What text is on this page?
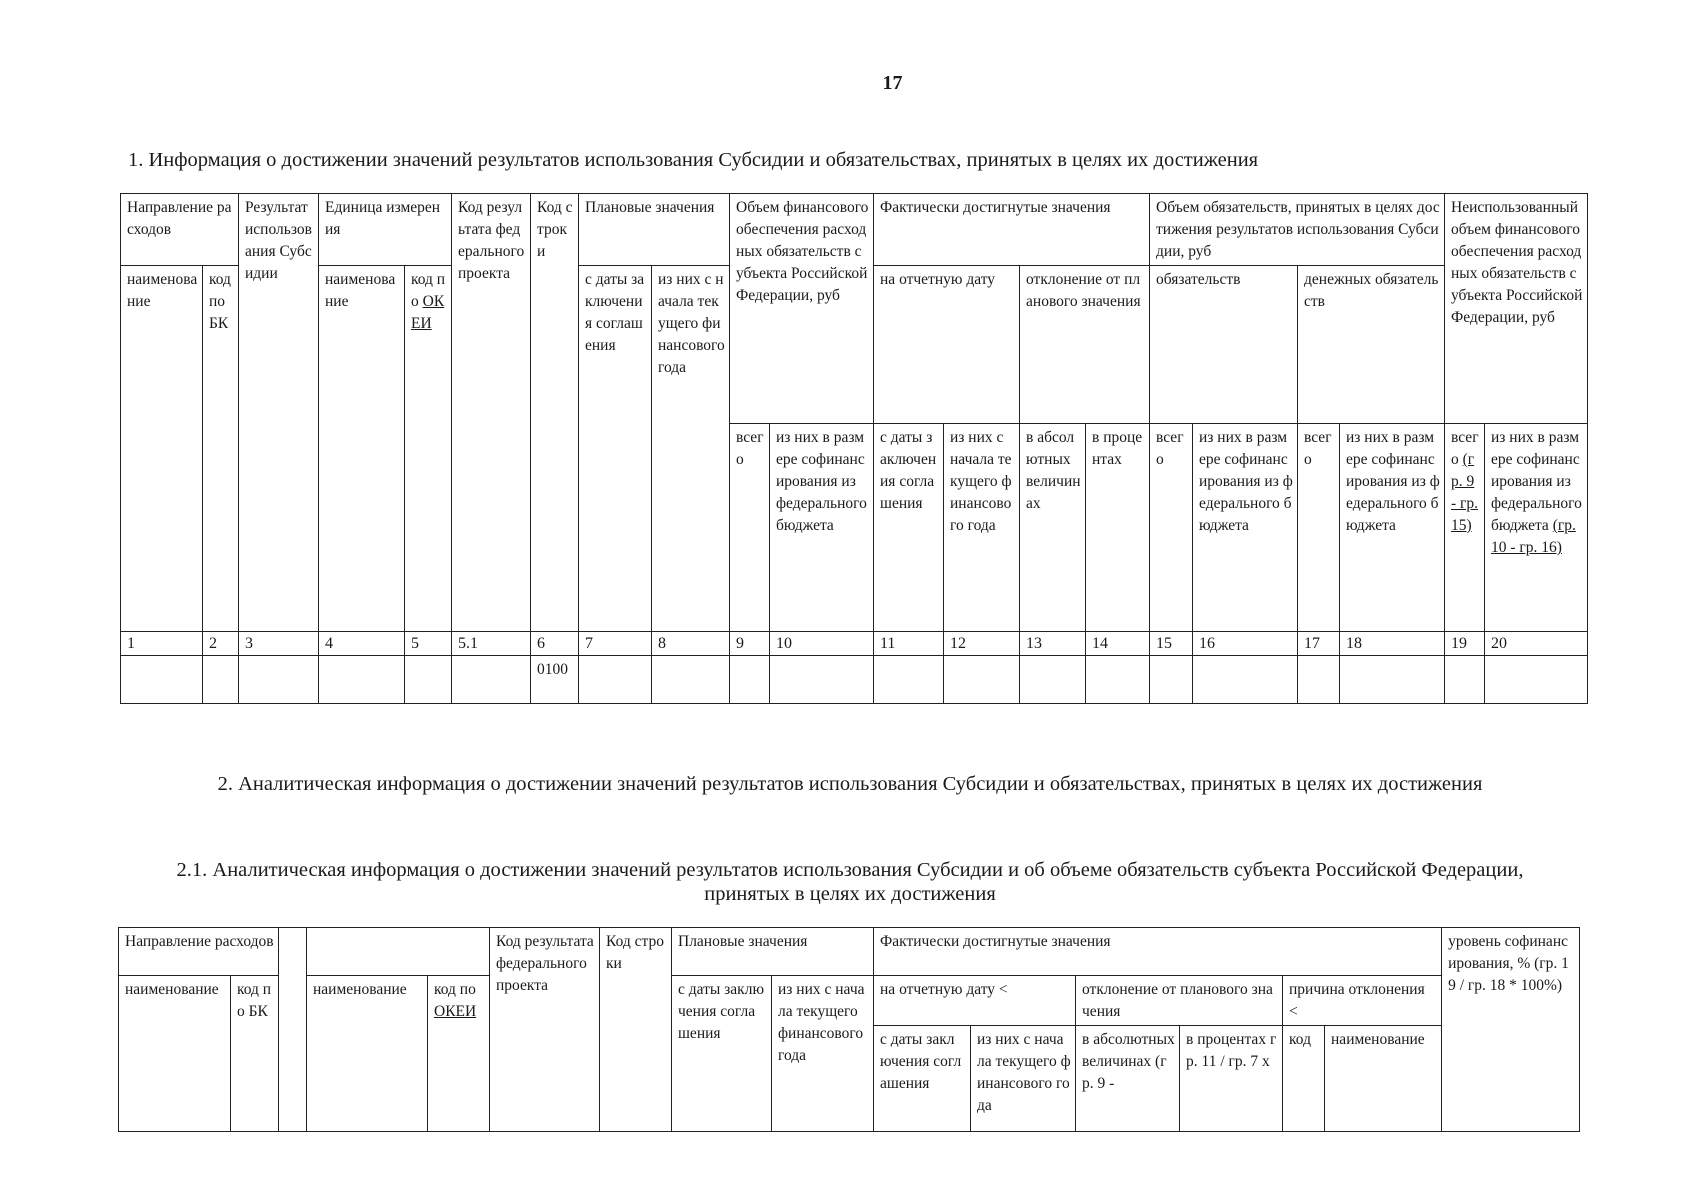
17
1. Информация о достижении значений результатов использования Субсидии и обязательствах, принятых в целях их достижения
Направление расходов		Результат использования Субсидии	Единица измерения		Код результата федерального проекта	Код строки	Плановые значения		Объем финансового обеспечения расходных обязательств субъекта Российской Федерации, руб		Фактически достигнутые значения				Объем обязательств, принятых в целях достижения результатов использования Субсидии, руб				Неиспользованный объем финансового обеспечения расходных обязательств субъекта Российской Федерации, руб	
наименование	код по БК		наименование	код по ОКЕИ			с даты заключения соглашения	из них с начала текущего финансового года			на отчетную дату		отклонение от планового значения		обязательств		денежных обязательств			
									всего	из них в размере софинансирования из федерального бюджета	с даты заключения соглашения	из них с начала текущего финансового года	в абсолютных величинах	в процентах	всего	из них в размере софинансирования из федерального бюджета	всего	из них в размере софинансирования из федерального бюджета	всего (гр. 9 - гр. 15)	из них в размере софинансирования из федерального бюджета (гр. 10 - гр. 16)
1	2	3	4	5	5.1	6	7	8	9	10	11	12	13	14	15	16	17	18	19	20
						0100														
2. Аналитическая информация о достижении значений результатов использования Субсидии и обязательствах, принятых в целях их достижения
2.1. Аналитическая информация о достижении значений результатов использования Субсидии и об объеме обязательств субъекта Российской Федерации, принятых в целях их достижения
Направление расходов					Код результата федерального проекта	Код строки	Плановые значения		Фактически достигнутые значения						уровень софинансирования, % (гр. 19 / гр. 18 * 100%)
наименование	код по БК		наименование	код по ОКЕИ			с даты заключения соглашения	из них с начала текущего финансового года	на отчетную дату <		отклонение от планового значения		причина отклонения <		

									с даты заключения соглашения	из них с начала текущего финансового года	в абсолютных величинах (гр. 9 -	в процентах гр. 11 / гр. 7 х	код	наименование	
